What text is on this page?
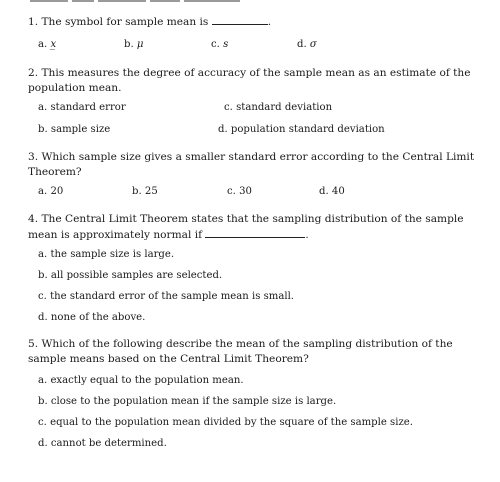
1. The symbol for sample mean is	.
a. x̲	b. μ	c. s	d. σ
2. This measures the degree of accuracy of the sample mean as an estimate of the population mean.
a. standard error	c. standard deviation
b. sample size	d. population standard deviation
3. Which sample size gives a smaller standard error according to the Central Limit Theorem?
a. 20	b. 25	c. 30	d. 40
4. The Central Limit Theorem states that the sampling distribution of the sample mean is approximately normal if	.
a. the sample size is large.
b. all possible samples are selected.
c. the standard error of the sample mean is small.
d. none of the above.
5. Which of the following describe the mean of the sampling distribution of the sample means based on the Central Limit Theorem?
a. exactly equal to the population mean.
b. close to the population mean if the sample size is large.
c. equal to the population mean divided by the square of the sample size.
d. cannot be determined.
